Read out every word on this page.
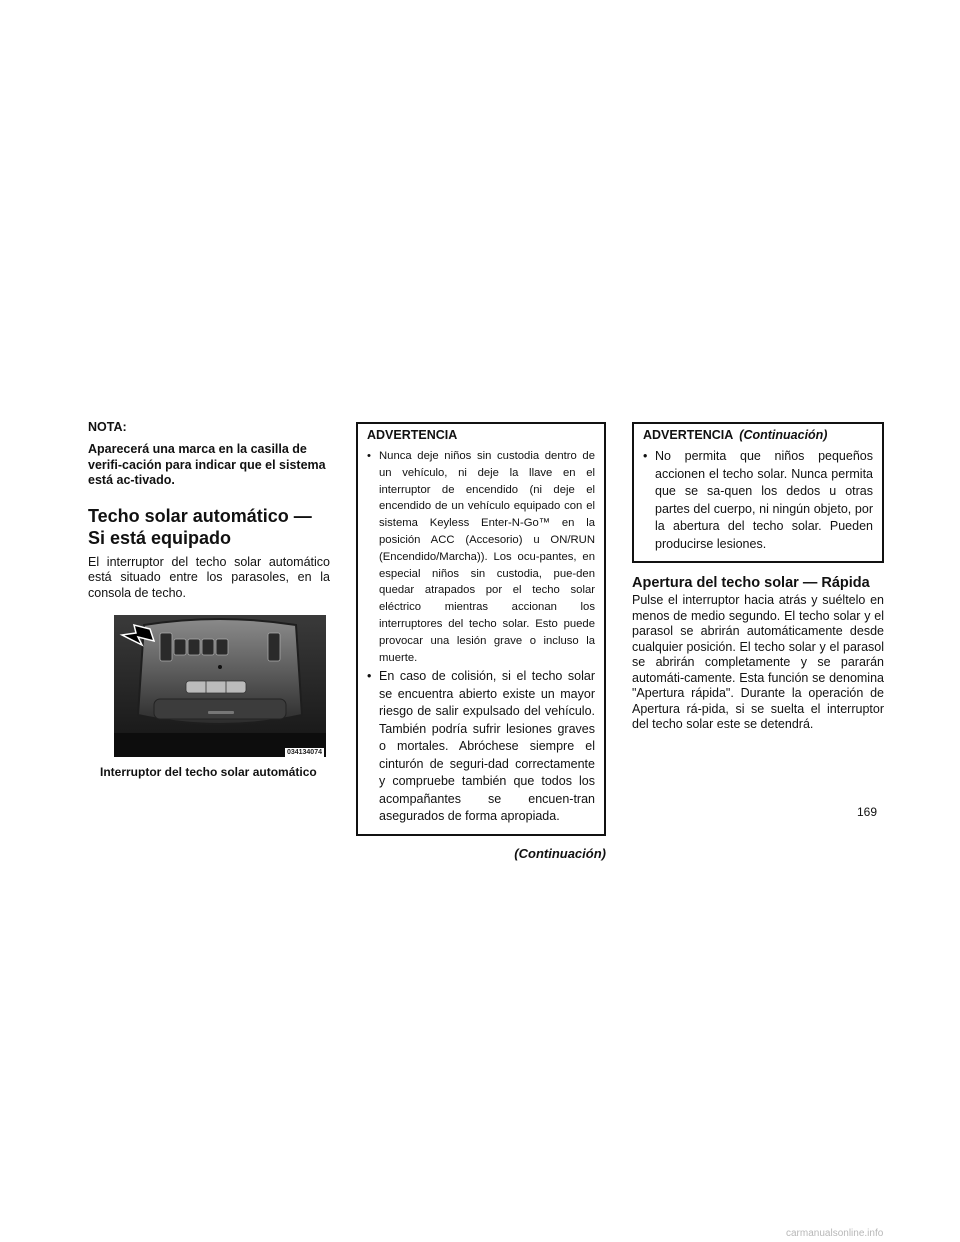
NOTA:

Aparecerá una marca en la casilla de verifi-cación para indicar que el sistema está ac-tivado.

Techo solar automático — Si está equipado

El interruptor del techo solar automático está situado entre los parasoles, en la consola de techo.

034134074
Interruptor del techo solar automático

ADVERTENCIA

• Nunca deje niños sin custodia dentro de un vehículo, ni deje la llave en el interruptor de encendido (ni deje el encendido de un vehículo equipado con el sistema Keyless Enter-N-Go™ en la posición ACC (Accesorio) u ON/RUN (Encendido/Marcha)). Los ocu-pantes, en especial niños sin custodia, pue-den quedar atrapados por el techo solar eléctrico mientras accionan los interruptores del techo solar. Esto puede provocar una lesión grave o incluso la muerte.

• En caso de colisión, si el techo solar se encuentra abierto existe un mayor riesgo de salir expulsado del vehículo. También podría sufrir lesiones graves o mortales. Abróchese siempre el cinturón de seguri-dad correctamente y compruebe también que todos los acompañantes se encuen-tran asegurados de forma apropiada.

(Continuación)

ADVERTENCIA (Continuación)

• No permita que niños pequeños accionen el techo solar. Nunca permita que se sa-quen los dedos u otras partes del cuerpo, ni ningún objeto, por la abertura del techo solar. Pueden producirse lesiones.

Apertura del techo solar — Rápida

Pulse el interruptor hacia atrás y suéltelo en menos de medio segundo. El techo solar y el parasol se abrirán automáticamente desde cualquier posición. El techo solar y el parasol se abrirán completamente y se pararán automáti-camente. Esta función se denomina "Apertura rápida". Durante la operación de Apertura rá-pida, si se suelta el interruptor del techo solar este se detendrá.

169
carmanualsonline.info
